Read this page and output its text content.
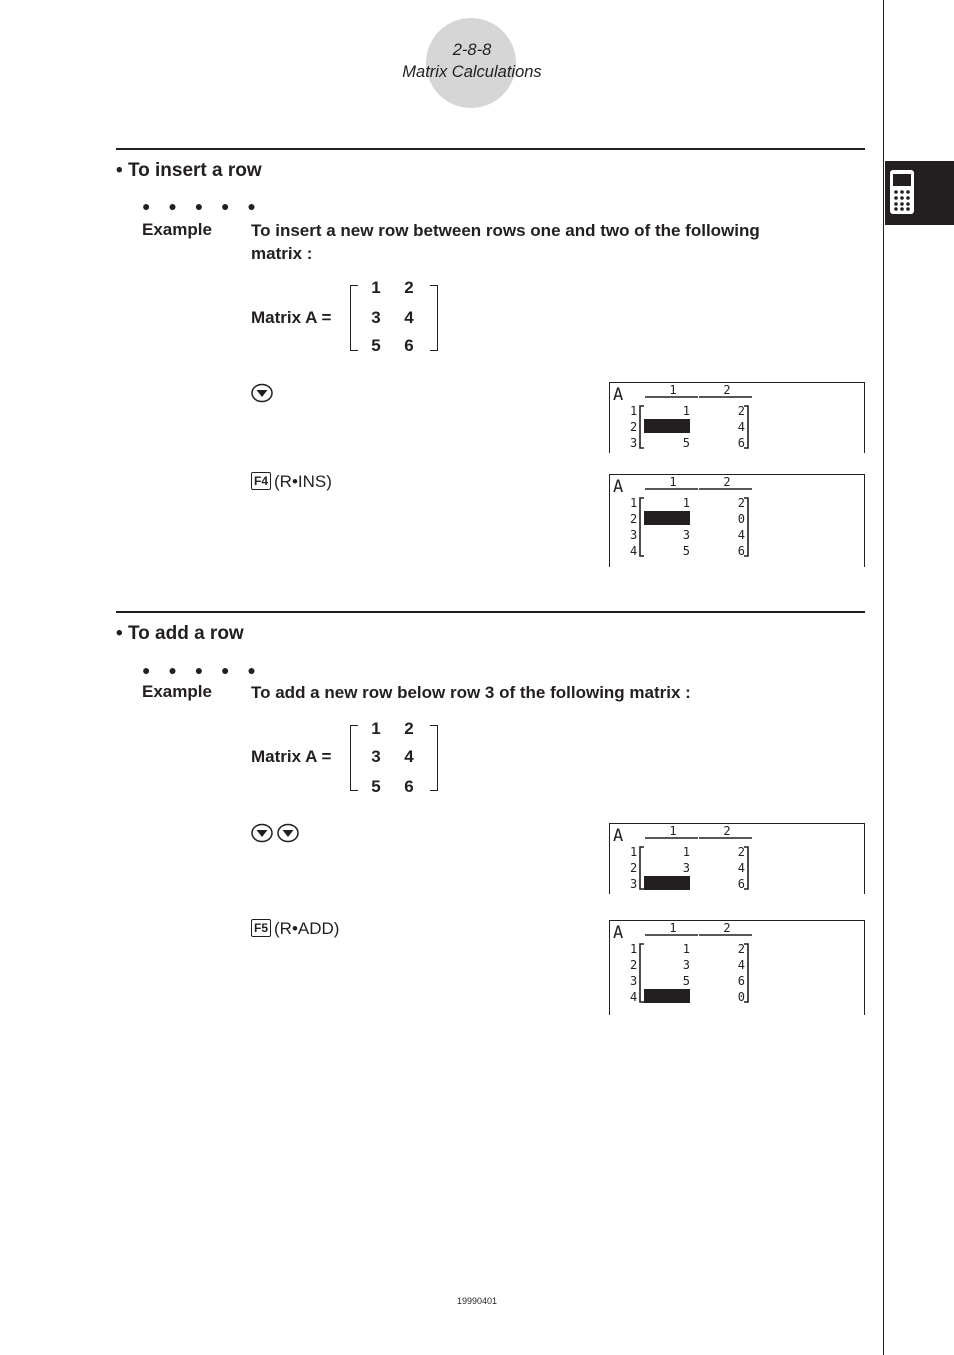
2-8-8
Matrix Calculations
• To insert a row
● ● ● ● ●
Example To insert a new row between rows one and two of the following matrix :
Matrix A =
1 2
3 4
5 6
A	1	2
1	1	2
2	3	4
3	5	6
F4 (R•INS)	A	1	2
1	1	2
2	0	0
3	3	4
4	5	6
• To add a row
● ● ● ● ●
Example To add a new row below row 3 of the following matrix :
Matrix A =
1 2
3 4
5 6
A	1	2
1	1	2
2	3	4
3	5	6
F5 (R•ADD)	A	1	2
1	1	2
2	3	4
3	5	6
4	0	0
19990401
